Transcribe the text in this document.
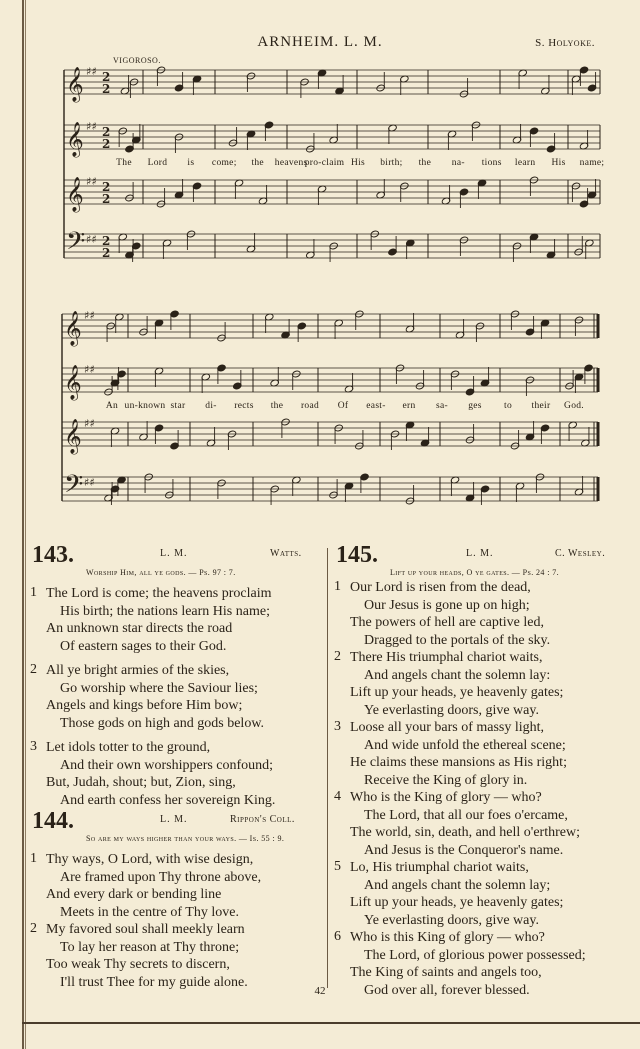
ARNHEIM. L. M.	S. Holyoke.
VIGOROSO.
𝄞 ♯♯ 2
2
𝄞 ♯♯ 2
2
𝄞 ♯♯ 2
2
𝄢 ♯♯ 2
2
𝄞 ♯♯
𝄞 ♯♯
𝄞 ♯♯
𝄢 ♯♯
The Lord is come; the heavens
pro-claim His birth; the na- tions learn His name;
An un-known star di- rects the road Of east- ern sa- ges to their God.
143.	L. M.	Watts.
Worship Him, all ye gods. — Ps. 97 : 7.
1 The Lord is come; the heavens proclaim
His birth; the nations learn His name;
An unknown star directs the road
Of eastern sages to their God.
2 All ye bright armies of the skies,
Go worship where the Saviour lies;
Angels and kings before Him bow;
Those gods on high and gods below.
3 Let idols totter to the ground,
And their own worshippers confound;
But, Judah, shout; but, Zion, sing,
And earth confess her sovereign King.
144.	L. M.	Rippon's Coll.
So are my ways higher than your ways. — Is. 55 : 9.
1 Thy ways, O Lord, with wise design,
Are framed upon Thy throne above,
And every dark or bending line
Meets in the centre of Thy love.
2 My favored soul shall meekly learn
To lay her reason at Thy throne;
Too weak Thy secrets to discern,
I'll trust Thee for my guide alone.
145.	L. M.	C. Wesley.
Lift up your heads, O ye gates. — Ps. 24 : 7.
1 Our Lord is risen from the dead,
Our Jesus is gone up on high;
The powers of hell are captive led,
Dragged to the portals of the sky.
2 There His triumphal chariot waits,
And angels chant the solemn lay:
Lift up your heads, ye heavenly gates;
Ye everlasting doors, give way.
3 Loose all your bars of massy light,
And wide unfold the ethereal scene;
He claims these mansions as His right;
Receive the King of glory in.
4 Who is the King of glory — who?
The Lord, that all our foes o'ercame,
The world, sin, death, and hell o'erthrew;
And Jesus is the Conqueror's name.
5 Lo, His triumphal chariot waits,
And angels chant the solemn lay;
Lift up your heads, ye heavenly gates;
Ye everlasting doors, give way.
6 Who is this King of glory — who?
The Lord, of glorious power possessed;
The King of saints and angels too,
God over all, forever blessed.
42
